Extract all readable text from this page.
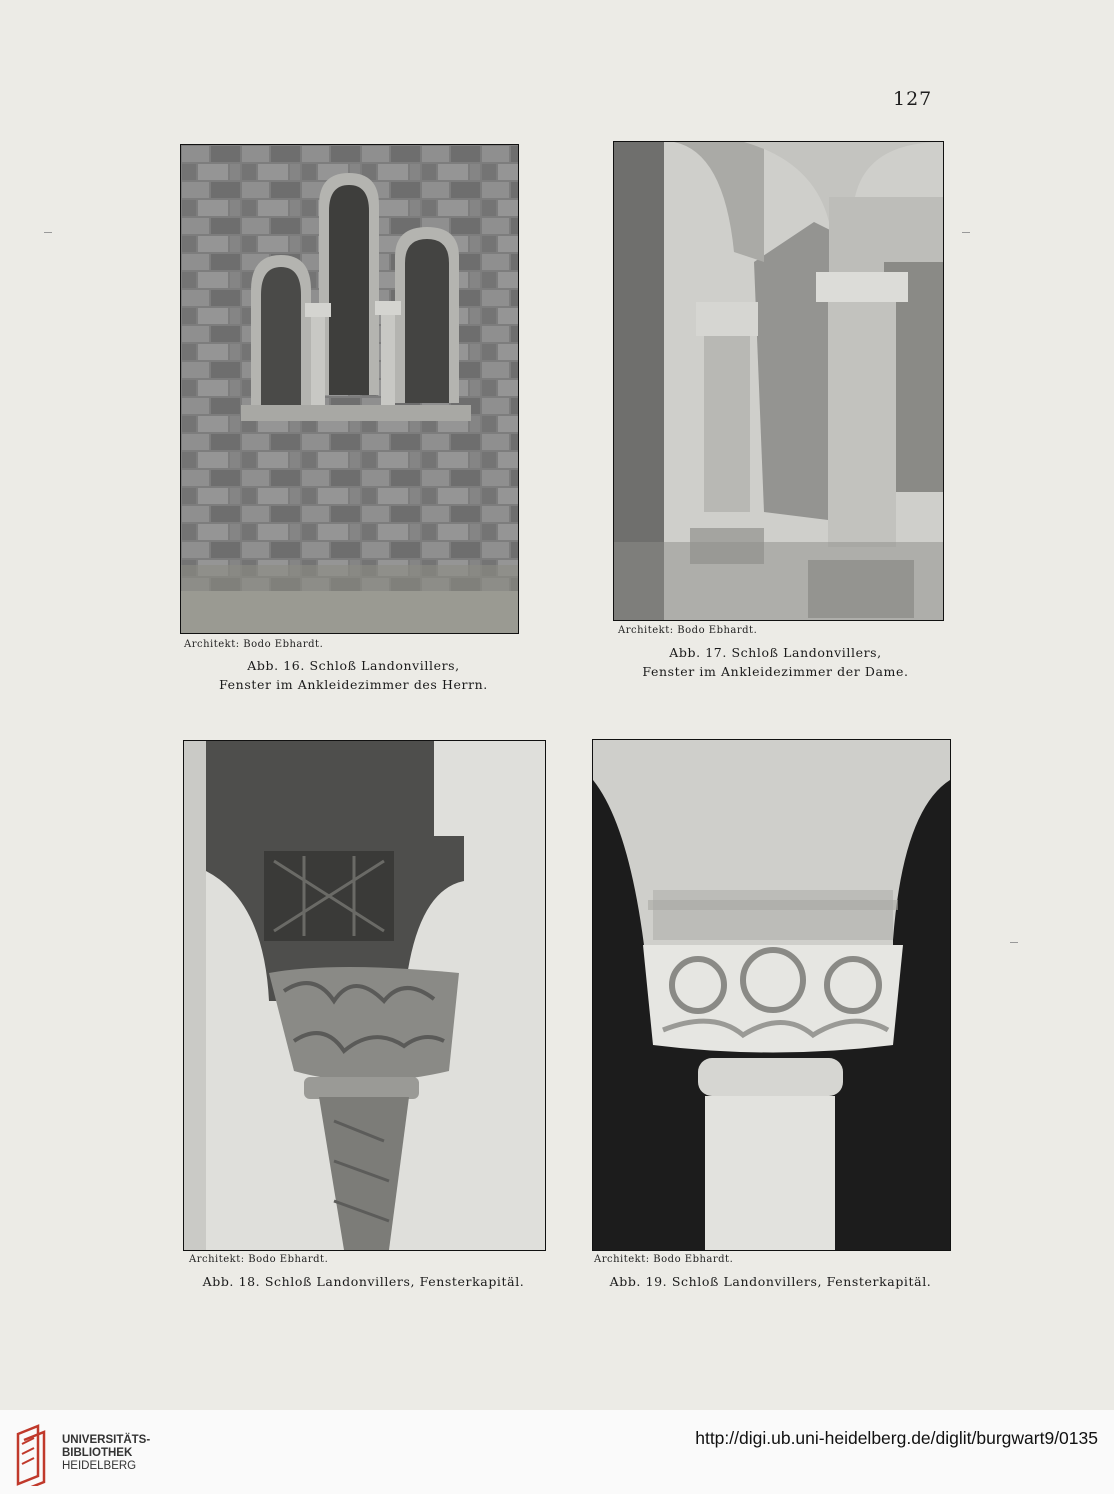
127
Architekt: Bodo Ebhardt.
Abb. 16. Schloß Landonvillers,
Fenster im Ankleidezimmer des Herrn.
Architekt: Bodo Ebhardt.
Abb. 17. Schloß Landonvillers,
Fenster im Ankleidezimmer der Dame.
Architekt: Bodo Ebhardt.
Abb. 18. Schloß Landonvillers, Fensterkapitäl.
Architekt: Bodo Ebhardt.
Abb. 19. Schloß Landonvillers, Fensterkapitäl.
UNIVERSITÄTS-
BIBLIOTHEK
HEIDELBERG
http://digi.ub.uni-heidelberg.de/diglit/burgwart9/0135
